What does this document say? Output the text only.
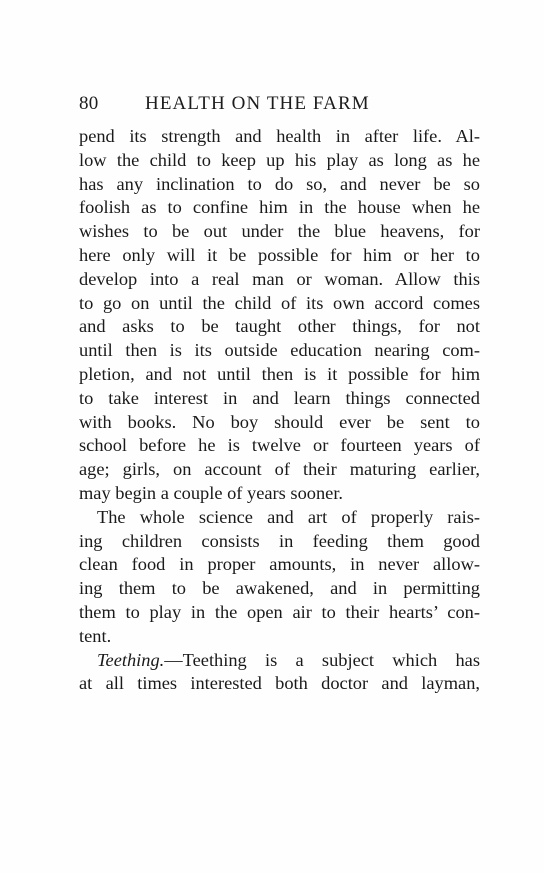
80 HEALTH ON THE FARM
pend its strength and health in after life. Al-
low the child to keep up his play as long as he
has any inclination to do so, and never be so
foolish as to confine him in the house when he
wishes to be out under the blue heavens, for
here only will it be possible for him or her to
develop into a real man or woman. Allow this
to go on until the child of its own accord comes
and asks to be taught other things, for not
until then is its outside education nearing com-
pletion, and not until then is it possible for him
to take interest in and learn things connected
with books. No boy should ever be sent to
school before he is twelve or fourteen years of
age; girls, on account of their maturing earlier,
may begin a couple of years sooner.
The whole science and art of properly rais-
ing children consists in feeding them good
clean food in proper amounts, in never allow-
ing them to be awakened, and in permitting
them to play in the open air to their hearts’ con-
tent.
Teething.—Teething is a subject which has
at all times interested both doctor and layman,
